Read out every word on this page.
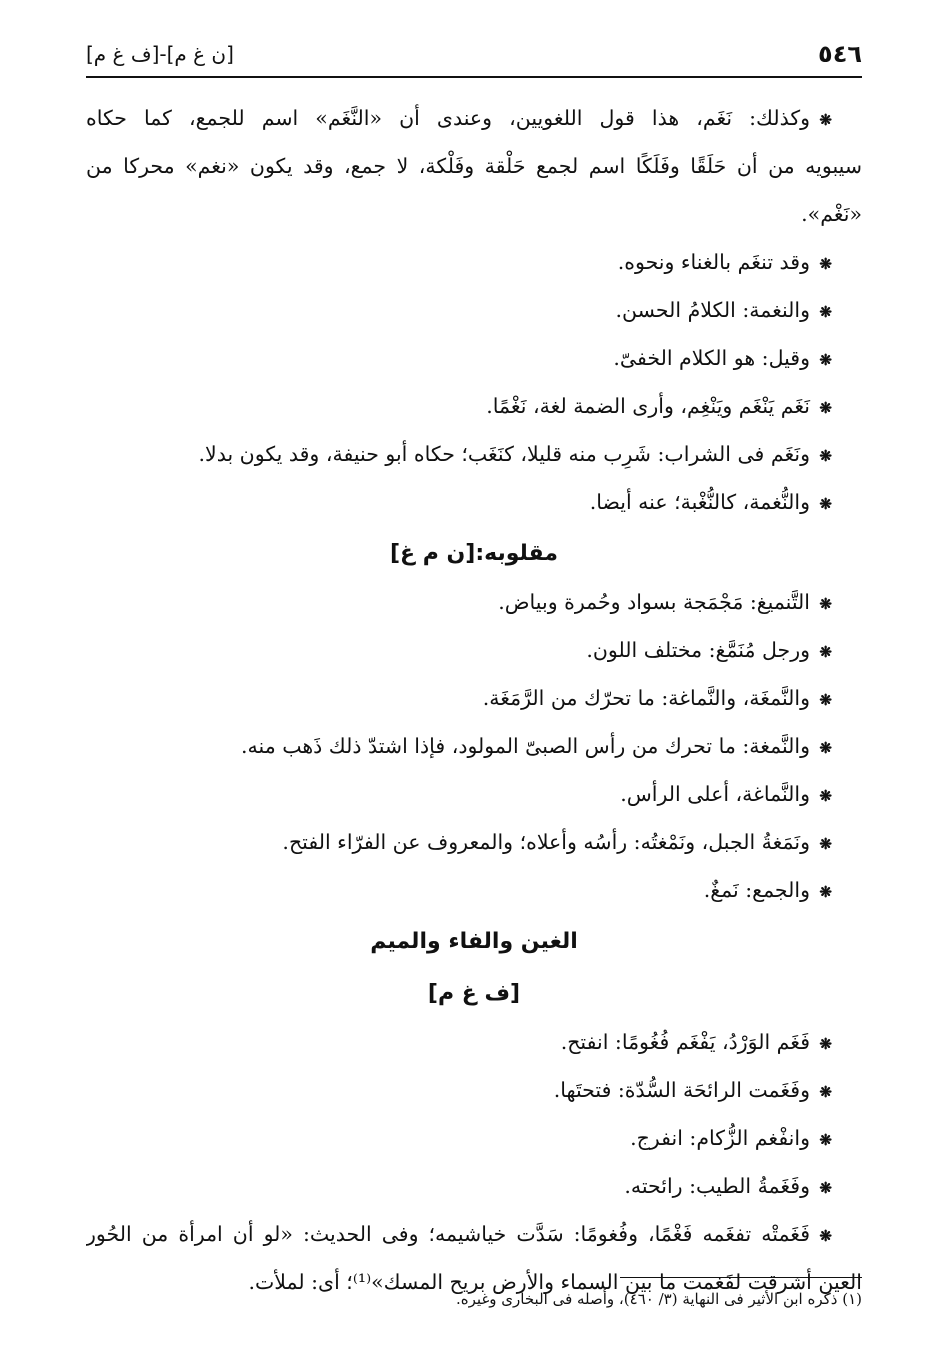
٥٤٦
[ن غ م]-[ف غ م]
❋وكذلك: نَغَم، هذا قول اللغويين، وعندى أن «النَّغَم» اسم للجمع، كما حكاه
سيبويه من أن حَلَقًا وفَلَكًا اسم لجمع حَلْقة وفَلْكة، لا جمع، وقد يكون «نغم» محركا من
«نَغْم».
❋وقد تنغَم بالغناء ونحوه.
❋والنغمة: الكلامُ الحسن.
❋وقيل: هو الكلام الخفىّ.
❋نَغَم يَنْغَم ويَنْغِم، وأرى الضمة لغة، نَغْمًا.
❋ونَغَم فى الشراب: شَرِب منه قليلا، كنَغَب؛ حكاه أبو حنيفة، وقد يكون بدلا.
❋والنُّغمة، كالنُّغْبة؛ عنه أيضا.
مقلوبه:[ن م غ]
❋التَّنميغ: مَجْمَجة بسواد وحُمرة وبياض.
❋ورجل مُنَمَّغ: مختلف اللون.
❋والنَّمغَة، والنَّماغة: ما تحرّك من الرَّمَغَة.
❋والنَّمغة: ما تحرك من رأس الصبىّ المولود، فإذا اشتدّ ذلك ذَهب منه.
❋والنَّماغة، أعلى الرأس.
❋ونَمَغةُ الجبل، ونَمْغتُه: رأسُه وأعلاه؛ والمعروف عن الفرّاء الفتح.
❋والجمع: نَمغٌ.
الغين والفاء والميم
[ف غ م]
❋فَغَم الوَرْدُ، يَفْغَم فُغُومًا: انفتح.
❋وفَغَمت الرائحَة السُّدّة: فتحتَها.
❋وانفْغم الزُّكام: انفرج.
❋وفَغَمةُ الطيب: رائحته.
❋فَغَمتْه تفغَمه فَغْمًا، وفُغومًا: سَدَّت خياشيمه؛ وفى الحديث: «لو أن امرأة من الحُور
العين أشرقت لفَغمت ما بين السماء والأرض بريح المسك»⁽¹⁾؛ أى: لملأت.
(١) ذكره ابن الأثير فى النهاية (٣/ ٤٦٠)، وأصله فى البخارى وغيره.
